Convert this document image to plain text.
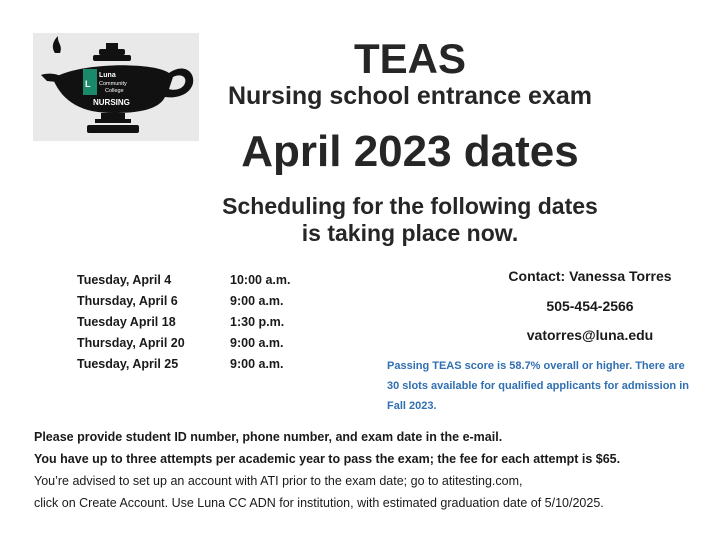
L
Luna
Community
College
NURSING
TEAS
Nursing school entrance exam
April 2023 dates
Scheduling for the following dates
is taking place now.
Tuesday, April 4	10:00 a.m.
Thursday, April 6	9:00 a.m.
Tuesday April 18	1:30 p.m.
Thursday, April 20	9:00 a.m.
Tuesday, April 25	9:00 a.m.
Contact: Vanessa Torres
505-454-2566
vatorres@luna.edu
Passing TEAS score is 58.7% overall or higher. There are 30 slots available for qualified applicants for admission in Fall 2023.
Please provide student ID number, phone number, and exam date in the e-mail.
You have up to three attempts per academic year to pass the exam; the fee for each attempt is $65.
You’re advised to set up an account with ATI prior to the exam date; go to atitesting.com,
click on Create Account. Use Luna CC ADN for institution, with estimated graduation date of 5/10/2025.
